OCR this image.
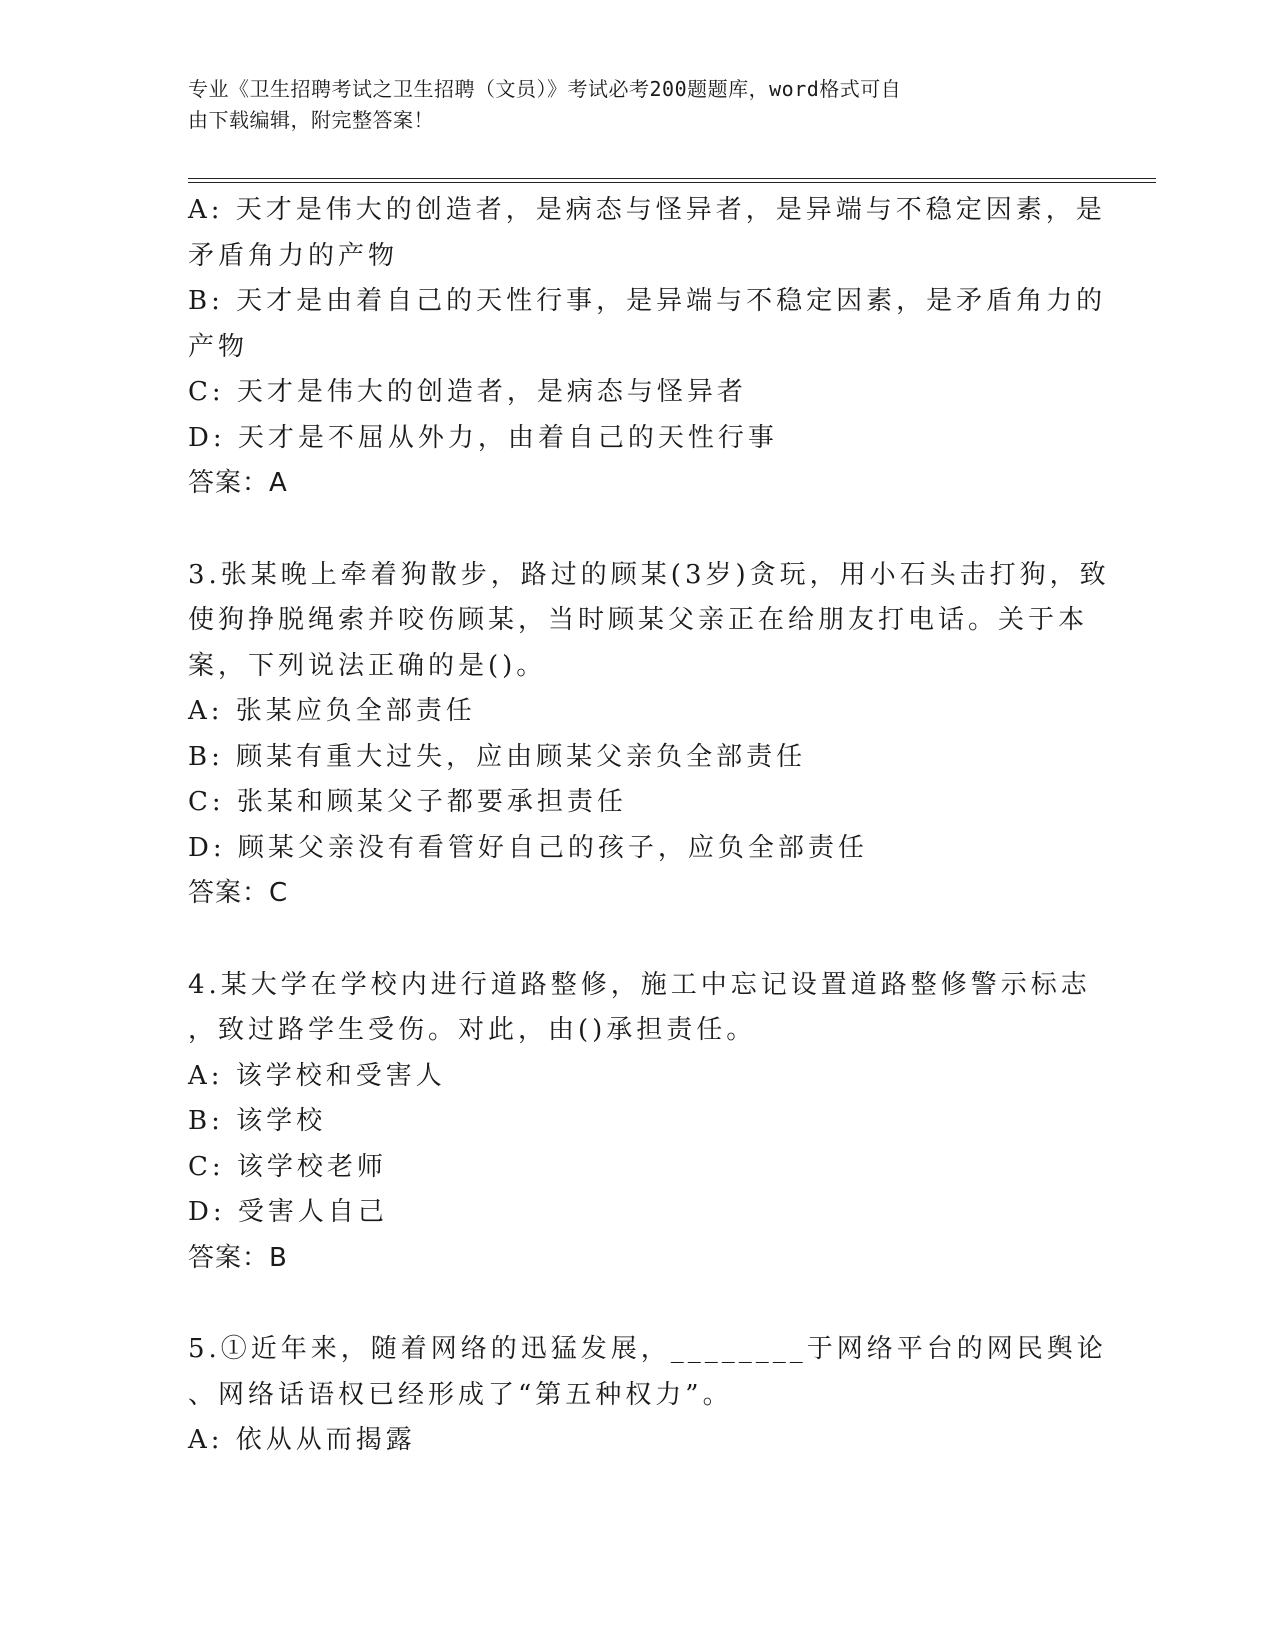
专业《卫生招聘考试之卫生招聘（文员）》考试必考200题题库，word格式可自
由下载编辑，附完整答案！
A: 天才是伟大的创造者，是病态与怪异者，是异端与不稳定因素，是
矛盾角力的产物
B: 天才是由着自己的天性行事，是异端与不稳定因素，是矛盾角力的
产物
C: 天才是伟大的创造者，是病态与怪异者
D: 天才是不屈从外力，由着自己的天性行事
答案：A
3.张某晚上牵着狗散步，路过的顾某(3岁)贪玩，用小石头击打狗，致
使狗挣脱绳索并咬伤顾某，当时顾某父亲正在给朋友打电话。关于本
案，下列说法正确的是()。
A: 张某应负全部责任
B: 顾某有重大过失，应由顾某父亲负全部责任
C: 张某和顾某父子都要承担责任
D: 顾某父亲没有看管好自己的孩子，应负全部责任
答案：C
4.某大学在学校内进行道路整修，施工中忘记设置道路整修警示标志
，致过路学生受伤。对此，由()承担责任。
A: 该学校和受害人
B: 该学校
C: 该学校老师
D: 受害人自己
答案：B
5.①近年来，随着网络的迅猛发展，________于网络平台的网民舆论
、网络话语权已经形成了“第五种权力”。
A: 依从从而揭露
